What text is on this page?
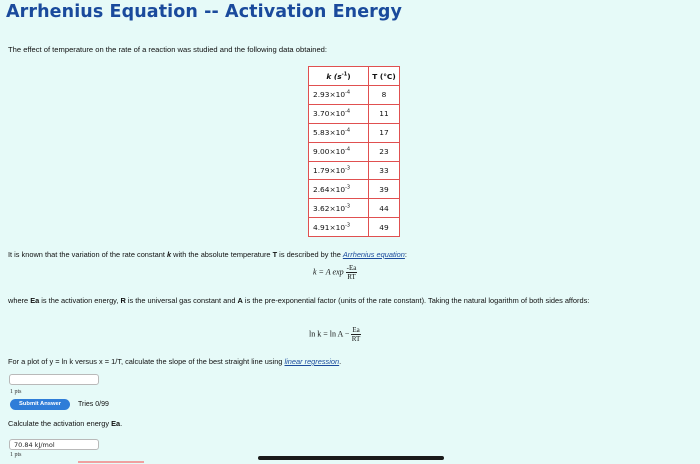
Arrhenius Equation -- Activation Energy
The effect of temperature on the rate of a reaction was studied and the following data obtained:
k $(s^{-1})$	T (°C)
$2.93\times 10^{-4}$	8
$3.70\times 10^{-4}$	11
$5.83\times 10^{-4}$	17
$9.00\times 10^{-4}$	23
$1.79\times 10^{-3}$	33
$2.64\times 10^{-3}$	39
$3.62\times 10^{-3}$	44
$4.91\times 10^{-3}$	49
It is known that the variation of the rate constant k with the absolute temperature T is described by the Arrhenius equation:
k = A $\exp \frac{-Ea}{RT}$
where Ea is the activation energy, R is the universal gas constant and A is the pre-exponential factor (units of the rate constant). Taking the natural logarithm of both sides affords:
$\ln k = \ln A - \frac{Ea}{RT}$
For a plot of y = ln k versus x = 1/T, calculate the slope of the best straight line using linear regression.
1 pts
Submit Answer	Tries 0/99
Calculate the activation energy Ea.
70.84 kJ/mol
1 pts
